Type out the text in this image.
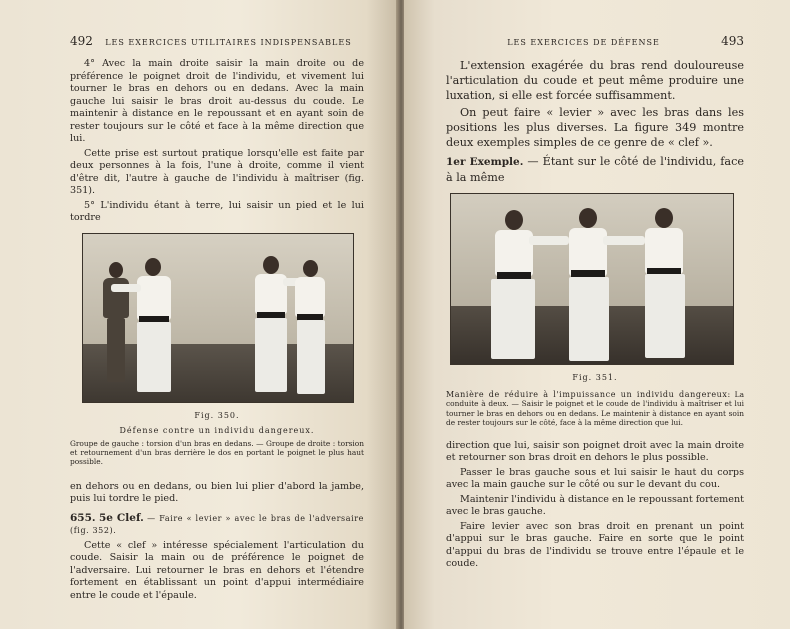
492 LES EXERCICES UTILITAIRES INDISPENSABLES

4° Avec la main droite saisir la main droite ou de préférence le poignet droit de l'individu, et vivement lui tourner le bras en dehors ou en dedans. Avec la main gauche lui saisir le bras droit au-dessus du coude. Le maintenir à distance en le repoussant et en ayant soin de rester toujours sur le côté et face à la même direction que lui.

Cette prise est surtout pratique lorsqu'elle est faite par deux personnes à la fois, l'une à droite, comme il vient d'être dit, l'autre à gauche de l'individu à maîtriser (fig. 351).

5° L'individu étant à terre, lui saisir un pied et le lui tordre

Fig. 350.
Défense contre un individu dangereux.
Groupe de gauche : torsion d'un bras en dedans. — Groupe de droite : torsion et retournement d'un bras derrière le dos en portant le poignet le plus haut possible.

en dehors ou en dedans, ou bien lui plier d'abord la jambe, puis lui tordre le pied.

655. 5e Clef. — Faire « levier » avec le bras de l'adversaire (fig. 352).

Cette « clef » intéresse spécialement l'articulation du coude. Saisir la main ou de préférence le poignet de l'adversaire. Lui retourner le bras en dehors et l'étendre fortement en établissant un point d'appui intermédiaire entre le coude et l'épaule.

LES EXERCICES DE DÉFENSE	493

L'extension exagérée du bras rend douloureuse l'articulation du coude et peut même produire une luxation, si elle est forcée suffisamment.

On peut faire « levier » avec les bras dans les positions les plus diverses. La figure 349 montre deux exemples simples de ce genre de « clef ».

1er Exemple. — Étant sur le côté de l'individu, face à la même

Fig. 351.
Manière de réduire à l'impuissance un individu dangereux: La conduite à deux. — Saisir le poignet et le coude de l'individu à maîtriser et lui tourner le bras en dehors ou en dedans. Le maintenir à distance en ayant soin de rester toujours sur le côté, face à la même direction que lui.

direction que lui, saisir son poignet droit avec la main droite et retourner son bras droit en dehors le plus possible.

Passer le bras gauche sous et lui saisir le haut du corps avec la main gauche sur le côté ou sur le devant du cou.

Maintenir l'individu à distance en le repoussant fortement avec le bras gauche.

Faire levier avec son bras droit en prenant un point d'appui sur le bras gauche. Faire en sorte que le point d'appui du bras de l'individu se trouve entre l'épaule et le coude.
